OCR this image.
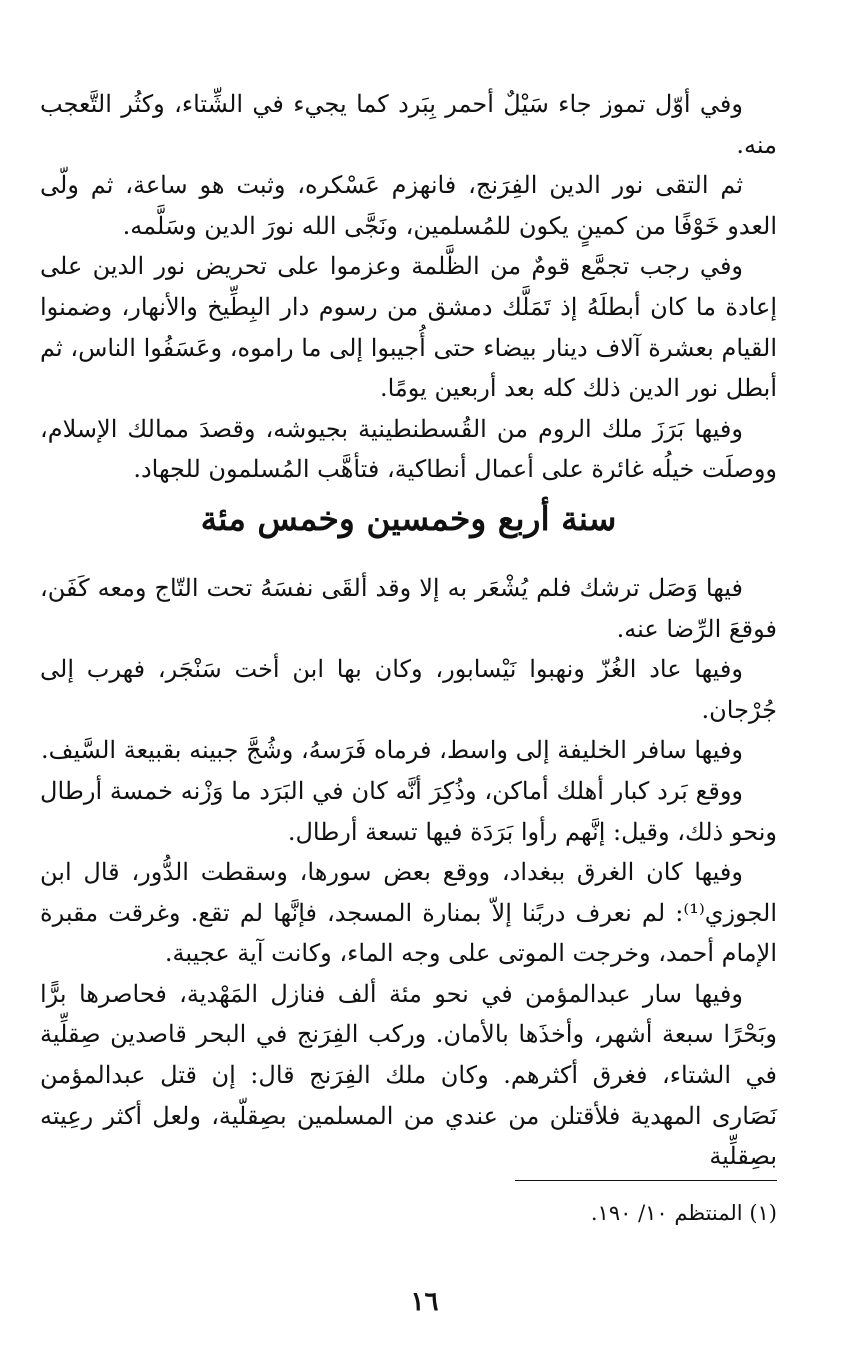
وفي أوّل تموز جاء سَيْلٌ أحمر بِبَرد كما يجيء في الشِّتاء، وكثُر التَّعجب منه.

ثم التقى نور الدين الفِرَنج، فانهزم عَسْكره، وثبت هو ساعة، ثم ولّى العدو خَوْفًا من كمينٍ يكون للمُسلمين، ونَجَّى الله نورَ الدين وسَلَّمه.

وفي رجب تجمَّع قومٌ من الظَّلمة وعزموا على تحريض نور الدين على إعادة ما كان أبطلَهُ إذ تَمَلَّك دمشق من رسوم دار البِطِّيخ والأنهار، وضمنوا القيام بعشرة آلاف دينار بيضاء حتى أُجيبوا إلى ما راموه، وعَسَفُوا الناس، ثم أبطل نور الدين ذلك كله بعد أربعين يومًا.

وفيها بَرَزَ ملك الروم من القُسطنطينية بجيوشه، وقصدَ ممالك الإسلام، ووصلَت خيلُه غائرة على أعمال أنطاكية، فتأهَّب المُسلمون للجهاد.

سنة أربع وخمسين وخمس مئة

فيها وَصَل ترشك فلم يُشْعَر به إلا وقد ألقَى نفسَهُ تحت التّاج ومعه كَفَن، فوقعَ الرِّضا عنه.

وفيها عاد الغُزّ ونهبوا نَيْسابور، وكان بها ابن أخت سَنْجَر، فهرب إلى جُرْجان.

وفيها سافر الخليفة إلى واسط، فرماه فَرَسهُ، وشُجَّ جبينه بقبيعة السَّيف.

ووقع بَرد كبار أهلك أماكن، وذُكِرَ أنَّه كان في البَرَد ما وَزْنه خمسة أرطال ونحو ذلك، وقيل: إنَّهم رأوا بَرَدَة فيها تسعة أرطال.

وفيها كان الغرق ببغداد، ووقع بعض سورها، وسقطت الدُّور، قال ابن الجوزي⁽¹⁾: لم نعرف دربًنا إلاّ بمنارة المسجد، فإنَّها لم تقع. وغرقت مقبرة الإمام أحمد، وخرجت الموتى على وجه الماء، وكانت آية عجيبة.

وفيها سار عبدالمؤمن في نحو مئة ألف فنازل المَهْدية، فحاصرها برًّا وبَحْرًا سبعة أشهر، وأخذَها بالأمان. وركب الفِرَنج في البحر قاصدين صِقلِّية في الشتاء، فغرق أكثرهم. وكان ملك الفِرَنج قال: إن قتل عبدالمؤمن نَصَارى المهدية فلأقتلن من عندي من المسلمين بصِقلّية، ولعل أكثر رعِيته بصِقلِّية

(١) المنتظم ١٠/ ١٩٠.
١٦
